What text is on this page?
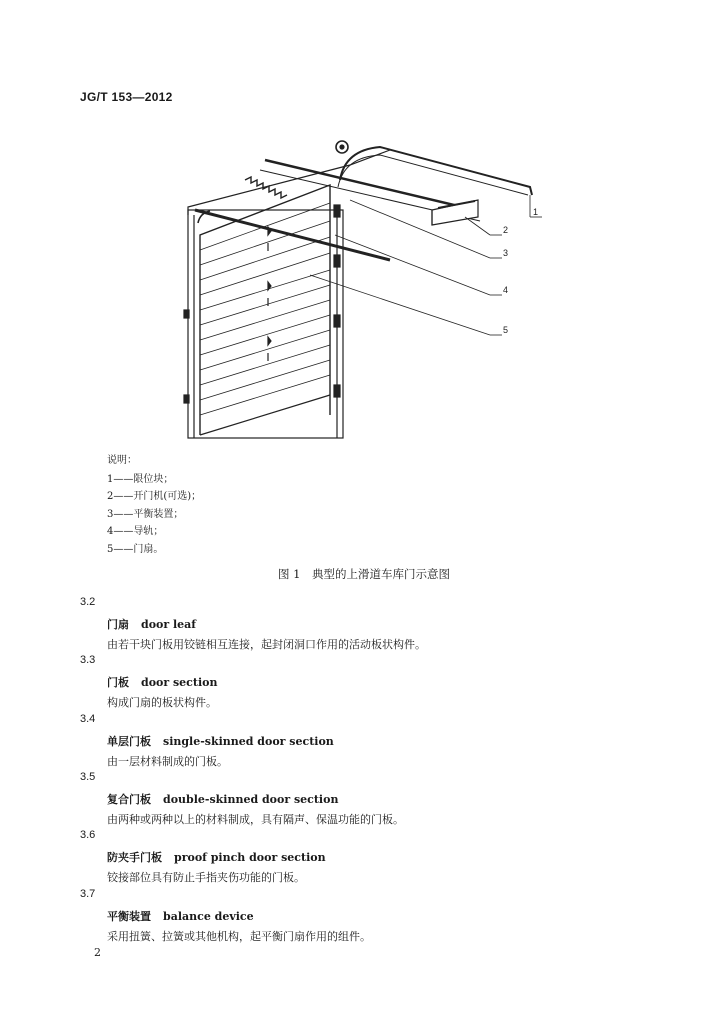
JG/T 153—2012
1
2
3
4
5
说明：
1——限位块；
2——开门机(可选)；
3——平衡装置；
4——导轨；
5——门扇。
图 1　典型的上滑道车库门示意图
3.2
门扇 door leaf
由若干块门板用铰链相互连接，起封闭洞口作用的活动板状构件。
3.3
门板 door section
构成门扇的板状构件。
3.4
单层门板 single-skinned door section
由一层材料制成的门板。
3.5
复合门板 double-skinned door section
由两种或两种以上的材料制成，具有隔声、保温功能的门板。
3.6
防夹手门板 proof pinch door section
铰接部位具有防止手指夹伤功能的门板。
3.7
平衡装置 balance device
采用扭簧、拉簧或其他机构，起平衡门扇作用的组件。
2
